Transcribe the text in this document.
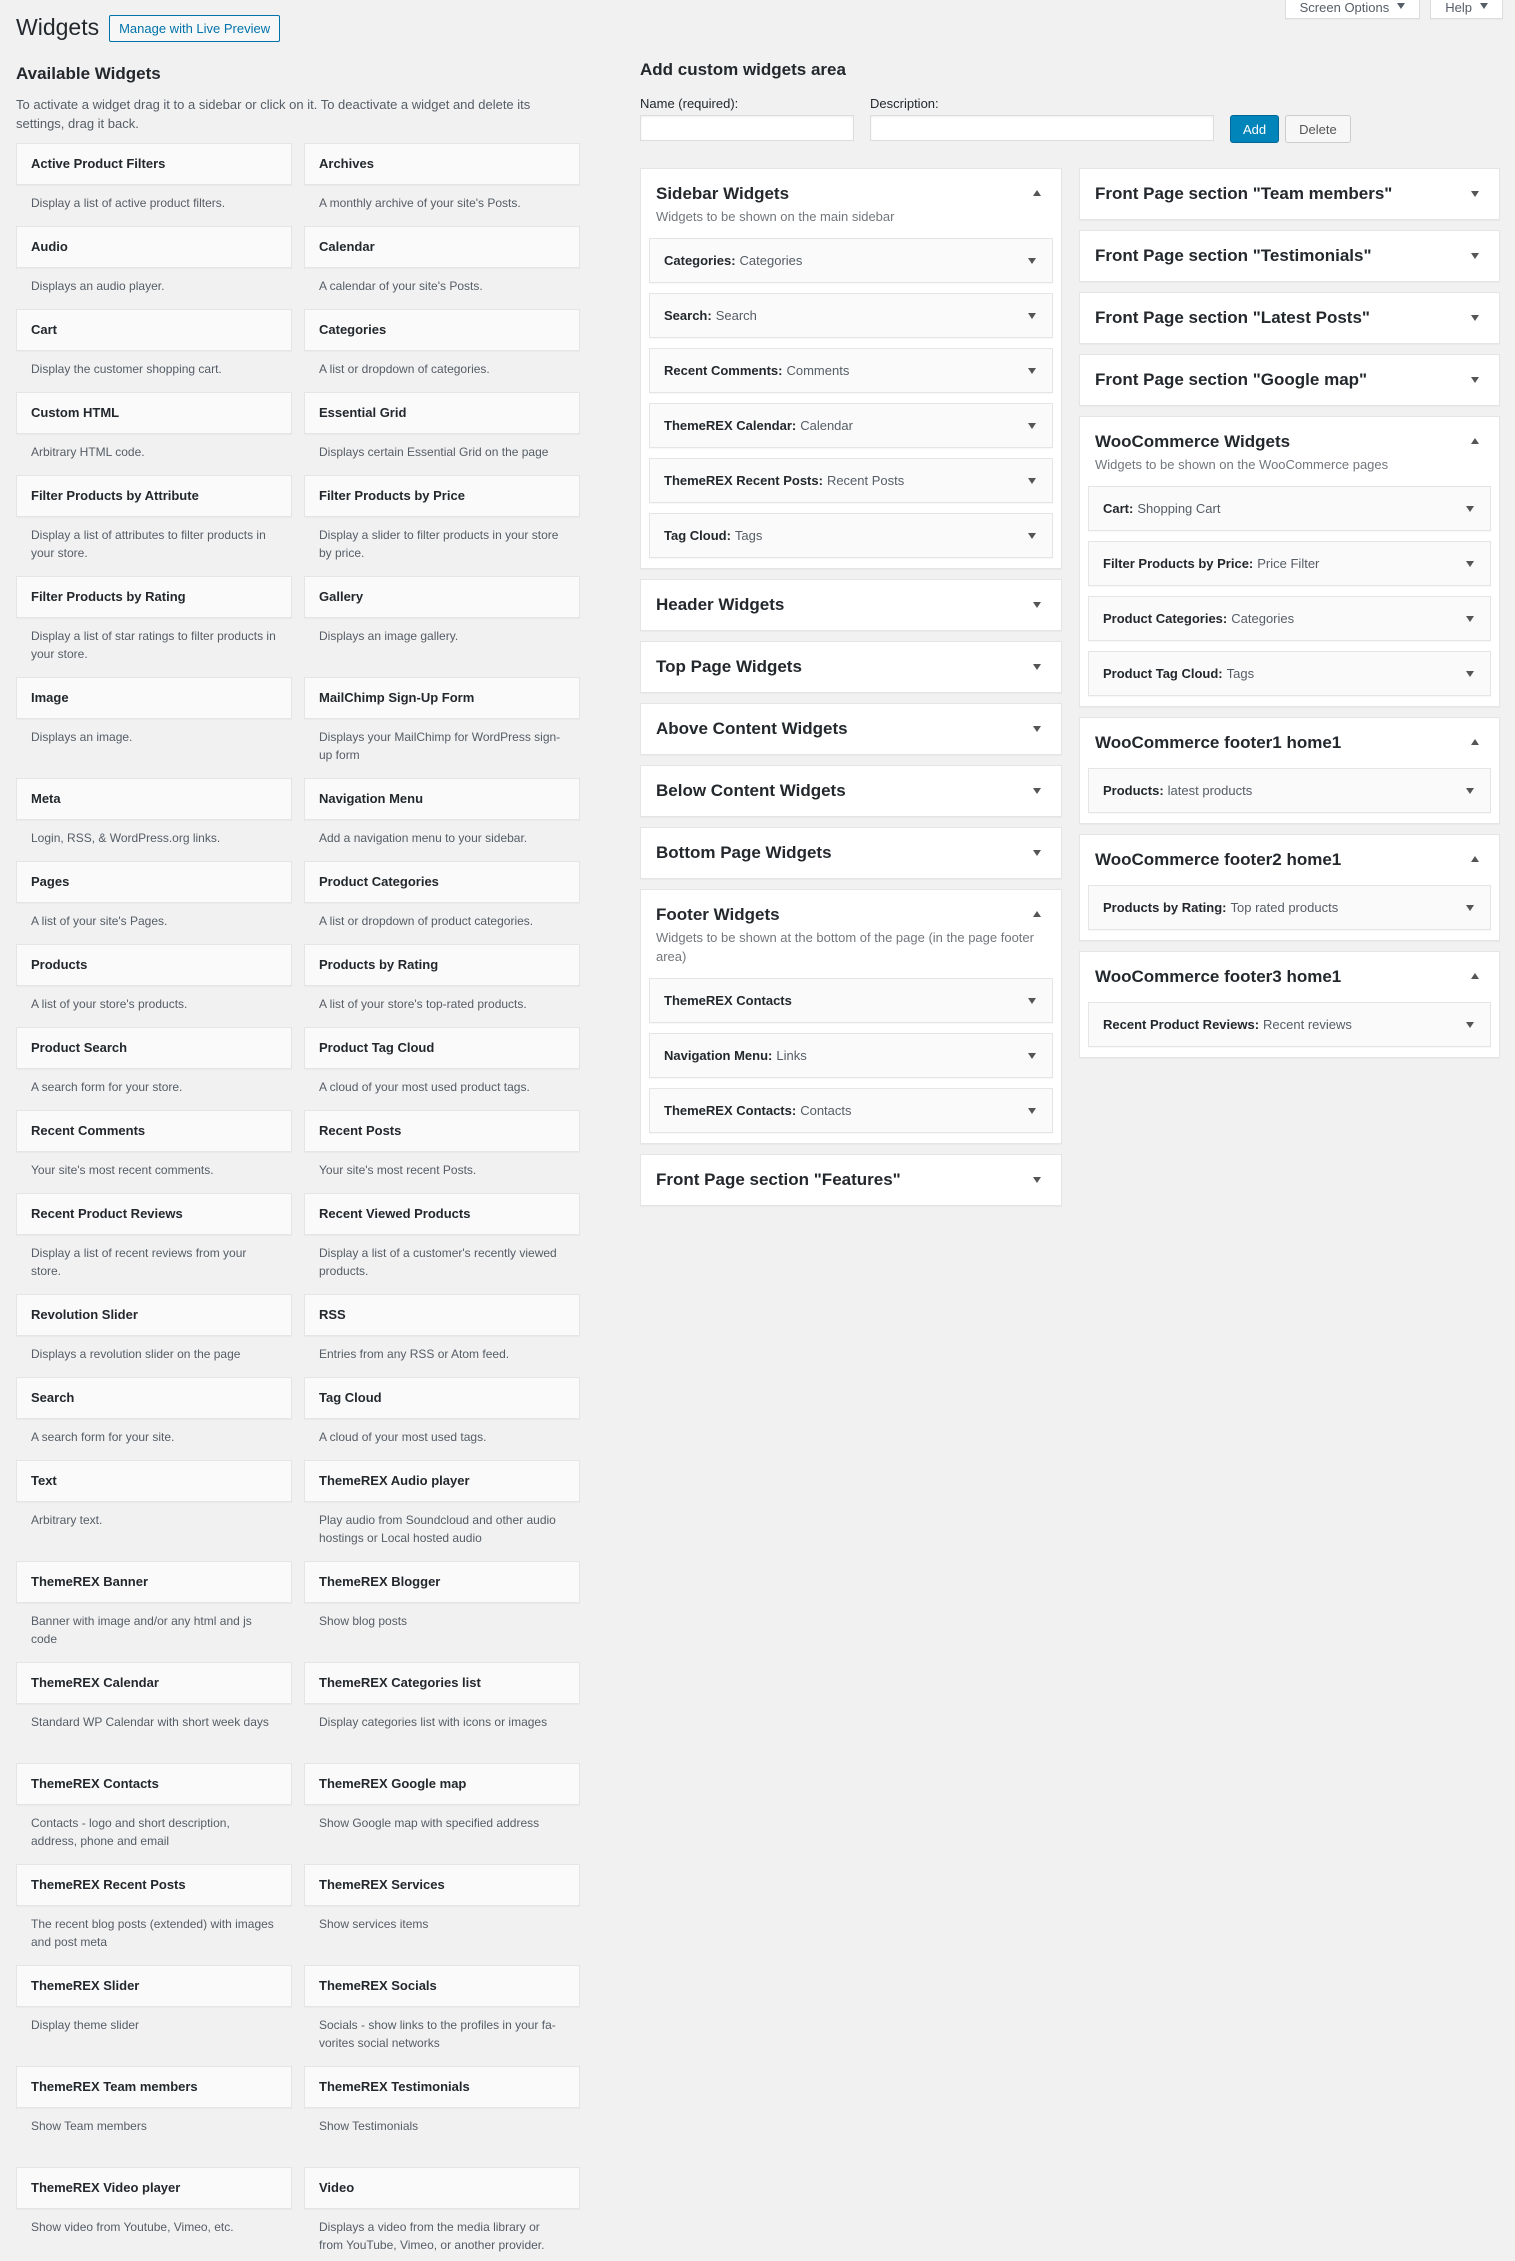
Screen Options	Help
Widgets	Manage with Live Preview
Available Widgets

To activate a widget drag it to a sidebar or click on it. To deactivate a widget and delete its settings, drag it back.

Active Product Filters
Display a list of active product filters.
Archives
A monthly archive of your site's Posts.
Audio
Displays an audio player.
Calendar
A calendar of your site's Posts.
Cart
Display the customer shopping cart.
Categories
A list or dropdown of categories.
Custom HTML
Arbitrary HTML code.
Essential Grid
Displays certain Essential Grid on the page
Filter Products by Attribute
Display a list of attributes to filter products in your store.
Filter Products by Price
Display a slider to filter products in your store by price.
Filter Products by Rating
Display a list of star ratings to filter products in your store.
Gallery
Displays an image gallery.
Image
Displays an image.
MailChimp Sign-Up Form
Displays your MailChimp for WordPress sign-up form
Meta
Login, RSS, & WordPress.org links.
Navigation Menu
Add a navigation menu to your sidebar.
Pages
A list of your site's Pages.
Product Categories
A list or dropdown of product categories.
Products
A list of your store's products.
Products by Rating
A list of your store's top-rated products.
Product Search
A search form for your store.
Product Tag Cloud
A cloud of your most used product tags.
Recent Comments
Your site's most recent comments.
Recent Posts
Your site's most recent Posts.
Recent Product Reviews
Display a list of recent reviews from your store.
Recent Viewed Products
Display a list of a customer's recently viewed products.
Revolution Slider
Displays a revolution slider on the page
RSS
Entries from any RSS or Atom feed.
Search
A search form for your site.
Tag Cloud
A cloud of your most used tags.
Text
Arbitrary text.
ThemeREX Audio player
Play audio from Soundcloud and other audio hostings or Local hosted audio
ThemeREX Banner
Banner with image and/or any html and js code
ThemeREX Blogger
Show blog posts
ThemeREX Calendar
Standard WP Calendar with short week days
ThemeREX Categories list
Display categories list with icons or images
ThemeREX Contacts
Contacts - logo and short description, address, phone and email
ThemeREX Google map
Show Google map with specified address
ThemeREX Recent Posts
The recent blog posts (extended) with images and post meta
ThemeREX Services
Show services items
ThemeREX Slider
Display theme slider
ThemeREX Socials
Socials - show links to the profiles in your fa-vorites social networks
ThemeREX Team members
Show Team members
ThemeREX Testimonials
Show Testimonials
ThemeREX Video player
Show video from Youtube, Vimeo, etc.
Video
Displays a video from the media library or from YouTube, Vimeo, or another provider.
Add custom widgets area
Name (required):	Description:
Add	Delete
Sidebar Widgets

Widgets to be shown on the main sidebar

Categories: Categories
Search: Search
Recent Comments: Comments
ThemeREX Calendar: Calendar
ThemeREX Recent Posts: Recent Posts
Tag Cloud: Tags
Header Widgets
Top Page Widgets
Above Content Widgets
Below Content Widgets
Bottom Page Widgets
Footer Widgets

Widgets to be shown at the bottom of the page (in the page footer area)

ThemeREX Contacts
Navigation Menu: Links
ThemeREX Contacts: Contacts
Front Page section "Features"
Front Page section "Team members"
Front Page section "Testimonials"
Front Page section "Latest Posts"
Front Page section "Google map"
WooCommerce Widgets

Widgets to be shown on the WooCommerce pages

Cart: Shopping Cart
Filter Products by Price: Price Filter
Product Categories: Categories
Product Tag Cloud: Tags
WooCommerce footer1 home1
Products: latest products
WooCommerce footer2 home1
Products by Rating: Top rated products
WooCommerce footer3 home1
Recent Product Reviews: Recent reviews
